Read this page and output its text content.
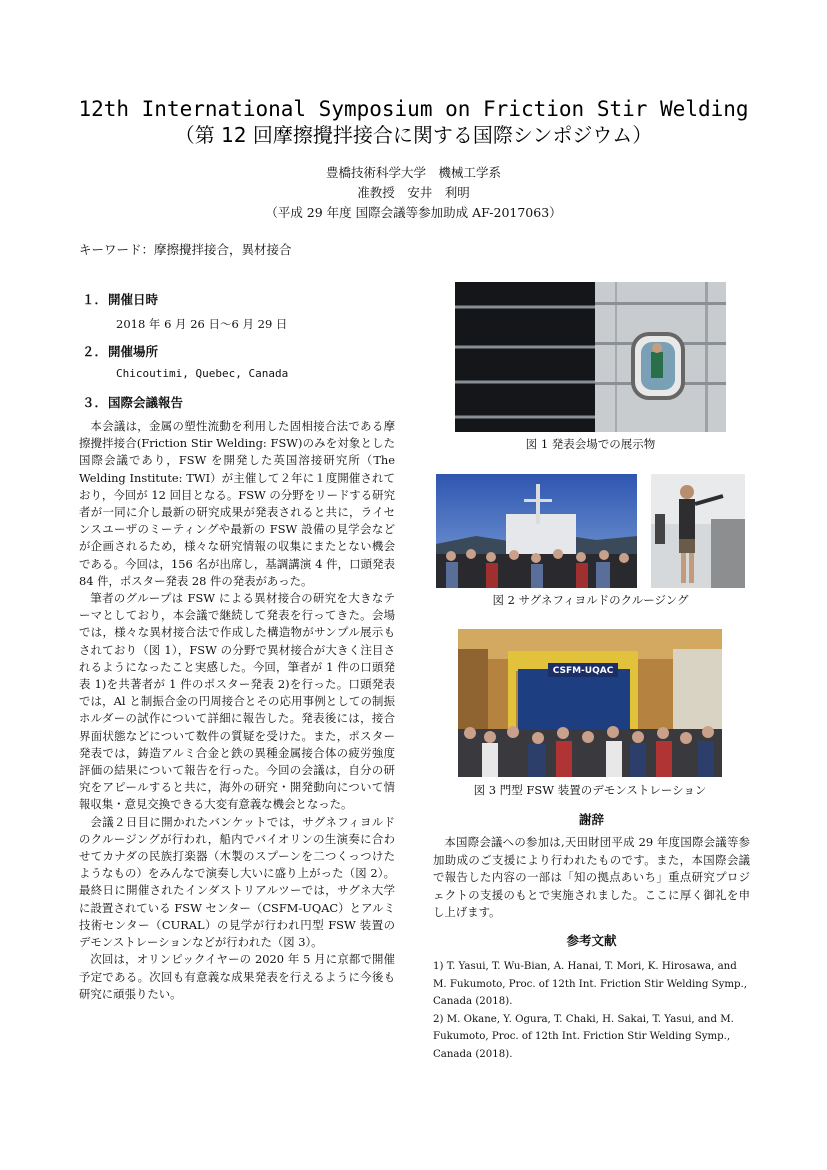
12th International Symposium on Friction Stir Welding
（第 12 回摩擦攪拌接合に関する国際シンポジウム）
豊橋技術科学大学　機械工学系
准教授　安井　利明
（平成 29 年度 国際会議等参加助成 AF-2017063）
キーワード：摩擦攪拌接合，異材接合
１．開催日時
2018 年 6 月 26 日〜6 月 29 日
２．開催場所
Chicoutimi, Quebec, Canada
３．国際会議報告

本会議は，金属の塑性流動を利用した固相接合法である摩擦攪拌接合(Friction Stir Welding: FSW)のみを対象とした国際会議であり，FSW を開発した英国溶接研究所（The Welding Institute: TWI）が主催して２年に１度開催されており，今回が 12 回目となる。FSW の分野をリードする研究者が一同に介し最新の研究成果が発表されると共に，ライセンスユーザのミーティングや最新の FSW 設備の見学会などが企画されるため，様々な研究情報の収集にまたとない機会である。今回は，156 名が出席し，基調講演 4 件，口頭発表 84 件，ポスター発表 28 件の発表があった。

筆者のグループは FSW による異材接合の研究を大きなテーマとしており，本会議で継続して発表を行ってきた。会場では，様々な異材接合法で作成した構造物がサンプル展示もされており（図 1），FSW の分野で異材接合が大きく注目されるようになったこと実感した。今回，筆者が 1 件の口頭発表 1)を共著者が 1 件のポスター発表 2)を行った。口頭発表では，Al と制振合金の円周接合とその応用事例としての制振ホルダーの試作について詳細に報告した。発表後には，接合界面状態などについて数件の質疑を受けた。また，ポスター発表では，鋳造アルミ合金と鉄の異種金属接合体の疲労強度評価の結果について報告を行った。今回の会議は，自分の研究をアピールすると共に，海外の研究・開発動向について情報収集・意見交換できる大変有意義な機会となった。

会議２日目に開かれたバンケットでは，サグネフィヨルドのクルージングが行われ，船内でバイオリンの生演奏に合わせてカナダの民族打楽器（木製のスプーンを二つくっつけたようなもの）をみんなで演奏し大いに盛り上がった（図 2）。最終日に開催されたインダストリアルツーでは，サグネ大学に設置されている FSW センター（CSFM-UQAC）とアルミ技術センター（CURAL）の見学が行われ円型 FSW 装置のデモンストレーションなどが行われた（図 3）。

次回は，オリンピックイヤーの 2020 年 5 月に京都で開催予定である。次回も有意義な成果発表を行えるように今後も研究に頑張りたい。

図 1 発表会場での展示物
図 2 サグネフィヨルドのクルージング
CSFM-UQAC
図 3 門型 FSW 装置のデモンストレーション
謝辞

本国際会議への参加は,天田財団平成 29 年度国際会議等参加助成のご支援により行われたものです。また，本国際会議で報告した内容の一部は「知の拠点あいち」重点研究プロジェクトの支援のもとで実施されました。ここに厚く御礼を申し上げます。

参考文献

1) T. Yasui, T. Wu-Bian, A. Hanai, T. Mori, K. Hirosawa, and M. Fukumoto, Proc. of 12th Int. Friction Stir Welding Symp., Canada (2018).

2) M. Okane, Y. Ogura, T. Chaki, H. Sakai, T. Yasui, and M. Fukumoto, Proc. of 12th Int. Friction Stir Welding Symp., Canada (2018).
